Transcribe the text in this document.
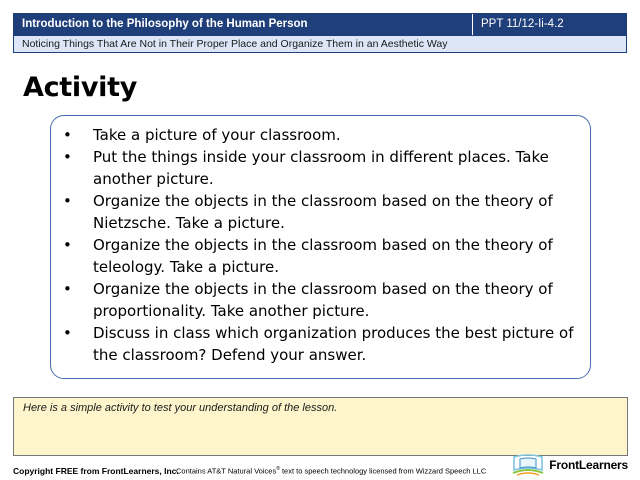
Introduction to the Philosophy of the Human Person	PPT 11/12-Ii-4.2
Noticing Things That Are Not in Their Proper Place and Organize Them in an Aesthetic Way
Activity
•	Take a picture of your classroom.
•	Put the things inside your classroom in different places. Take another picture.
•	Organize the objects in the classroom based on the theory of Nietzsche. Take a picture.
•	Organize the objects in the classroom based on the theory of teleology. Take a picture.
•	Organize the objects in the classroom based on the theory of proportionality. Take another picture.
•	Discuss in class which organization produces the best picture of the classroom? Defend your answer.
Here is a simple activity to test your understanding of the lesson.
Copyright FREE from FrontLearners, Inc.
Contains AT&T Natural Voices® text to speech technology licensed from Wizzard Speech LLC	FrontLearners
